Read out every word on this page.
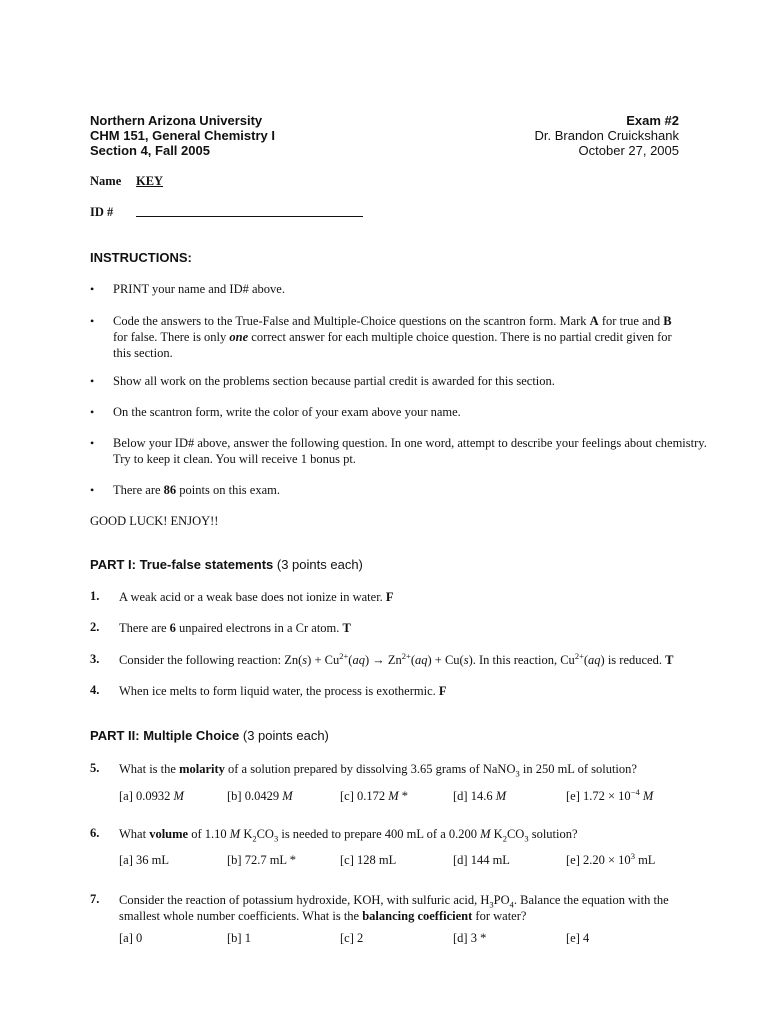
Northern Arizona University
CHM 151, General Chemistry I
Section 4, Fall 2005
Exam #2
Dr. Brandon Cruickshank
October 27, 2005
Name KEY
ID #
INSTRUCTIONS:
• PRINT your name and ID# above.
• Code the answers to the True-False and Multiple-Choice questions on the scantron form. Mark A for true and B for false. There is only one correct answer for each multiple choice question. There is no partial credit given for this section.
• Show all work on the problems section because partial credit is awarded for this section.
• On the scantron form, write the color of your exam above your name.
• Below your ID# above, answer the following question. In one word, attempt to describe your feelings about chemistry. Try to keep it clean. You will receive 1 bonus pt.
• There are 86 points on this exam.
GOOD LUCK! ENJOY!!
PART I: True-false statements (3 points each)
1. A weak acid or a weak base does not ionize in water. F
2. There are 6 unpaired electrons in a Cr atom. T
3. Consider the following reaction: $Zn(s) + Cu^{2+}(aq) \to Zn^{2+}(aq) + Cu(s)$. In this reaction, $Cu^{2+}(aq)$ is reduced. T
4. When ice melts to form liquid water, the process is exothermic. F
PART II: Multiple Choice (3 points each)
5. What is the molarity of a solution prepared by dissolving 3.65 grams of NaNO$_3$ in 250 mL of solution?
[a] 0.0932 M	[b] 0.0429 M	[c] 0.172 M *	[d] 14.6 M	[e] $1.72 \times 10^{-4}$ M
6. What volume of 1.10 M $K_2CO_3$ is needed to prepare 400 mL of a 0.200 M $K_2CO_3$ solution?
[a] 36 mL	[b] 72.7 mL *	[c] 128 mL	[d] 144 mL	[e] $2.20 \times 10^3$ mL
7. Consider the reaction of potassium hydroxide, KOH, with sulfuric acid, $H_3PO_4$. Balance the equation with the smallest whole number coefficients. What is the balancing coefficient for water?
[a] 0	[b] 1	[c] 2	[d] 3 *	[e] 4
